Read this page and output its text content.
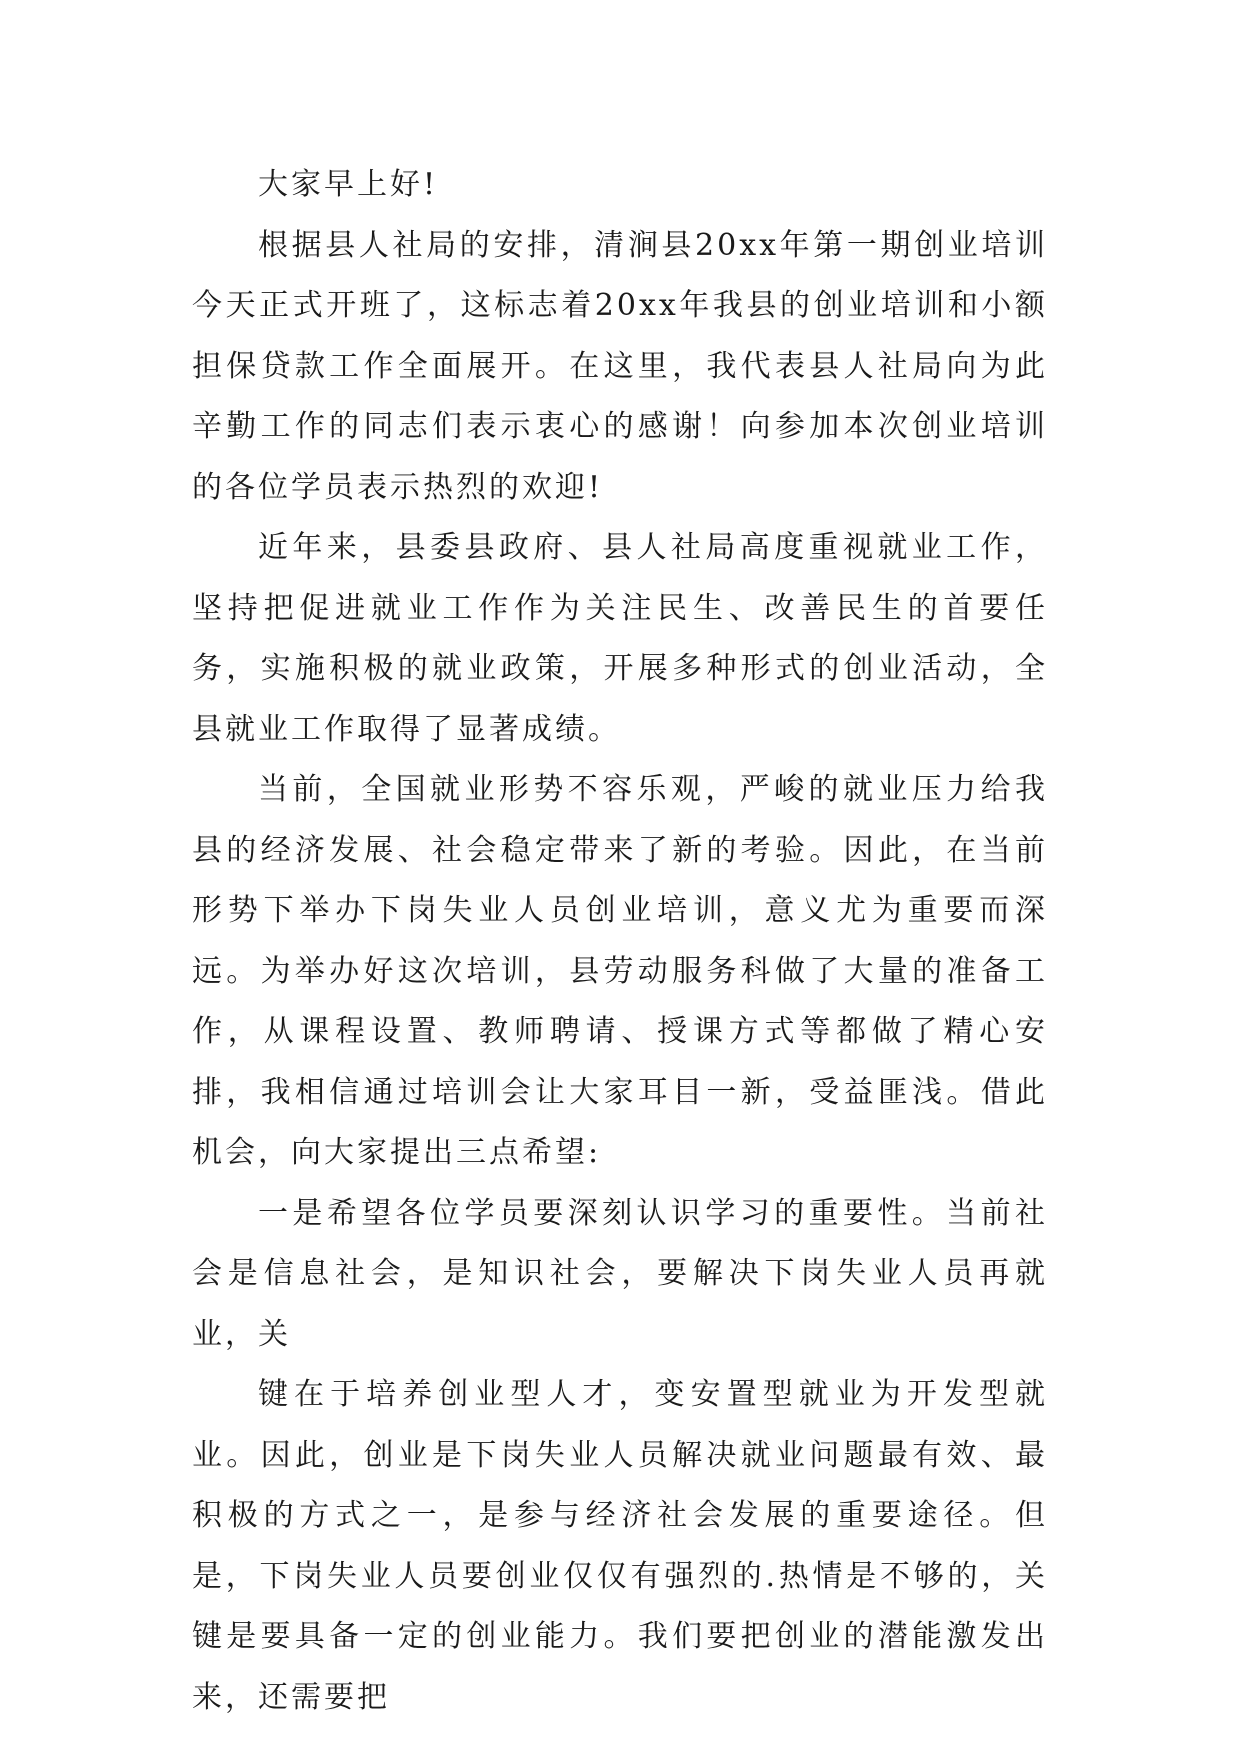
大家早上好!

根据县人社局的安排，清涧县20xx年第一期创业培训今天正式开班了，这标志着20xx年我县的创业培训和小额担保贷款工作全面展开。在这里，我代表县人社局向为此辛勤工作的同志们表示衷心的感谢！向参加本次创业培训的各位学员表示热烈的欢迎!

近年来，县委县政府、县人社局高度重视就业工作，坚持把促进就业工作作为关注民生、改善民生的首要任务，实施积极的就业政策，开展多种形式的创业活动，全县就业工作取得了显著成绩。

当前，全国就业形势不容乐观，严峻的就业压力给我县的经济发展、社会稳定带来了新的考验。因此，在当前形势下举办下岗失业人员创业培训，意义尤为重要而深远。为举办好这次培训，县劳动服务科做了大量的准备工作，从课程设置、教师聘请、授课方式等都做了精心安排，我相信通过培训会让大家耳目一新，受益匪浅。借此机会，向大家提出三点希望:

一是希望各位学员要深刻认识学习的重要性。当前社会是信息社会，是知识社会，要解决下岗失业人员再就业，关

键在于培养创业型人才，变安置型就业为开发型就业。因此，创业是下岗失业人员解决就业问题最有效、最积极的方式之一，是参与经济社会发展的重要途径。但是，下岗失业人员要创业仅仅有强烈的.热情是不够的，关键是要具备一定的创业能力。我们要把创业的潜能激发出来，还需要把
